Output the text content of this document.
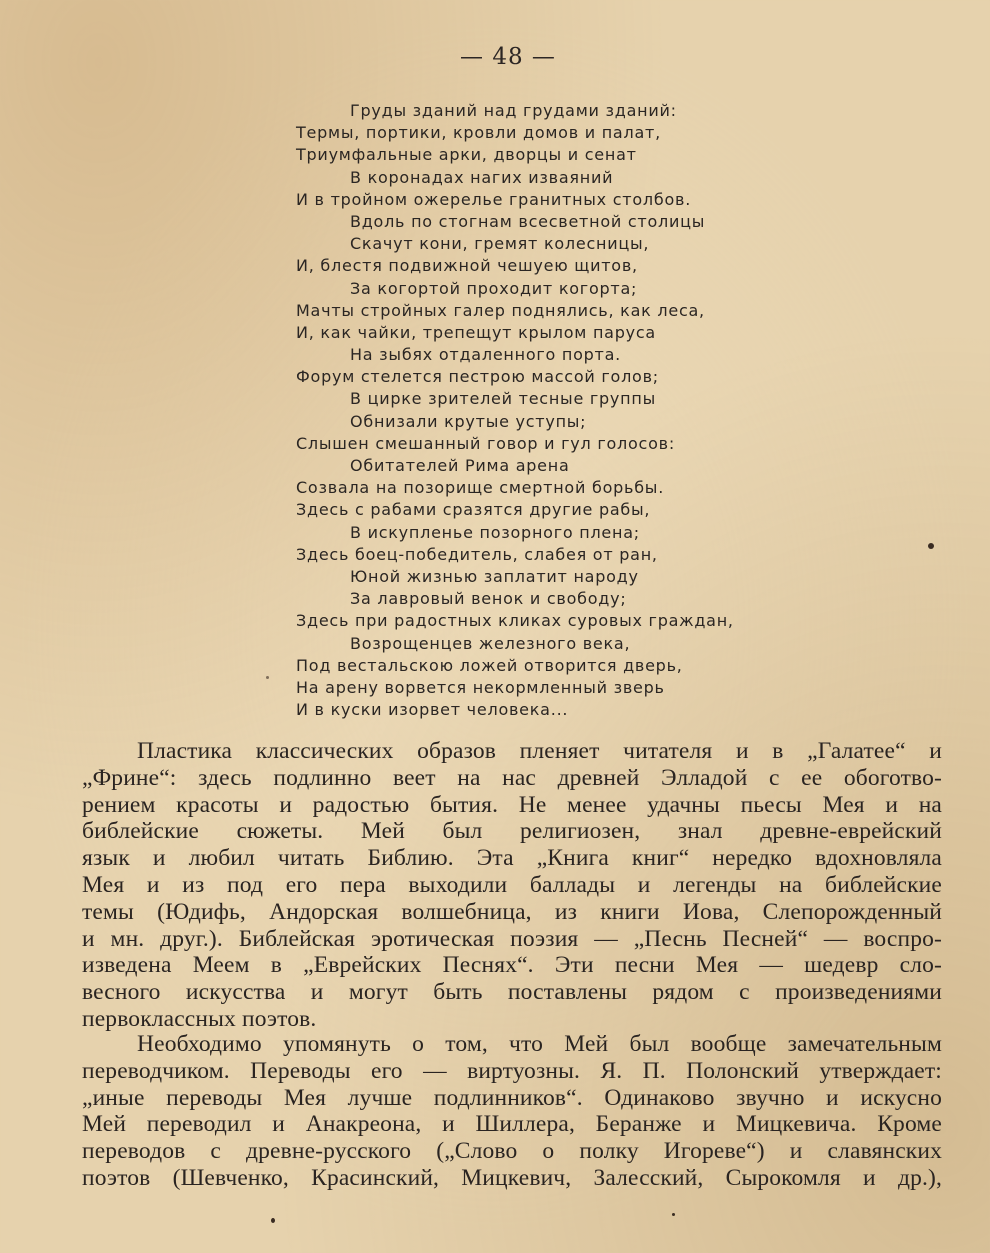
— 48 —
Груды зданий над грудами зданий:
Термы, портики, кровли домов и палат,
Триумфальные арки, дворцы и сенат
В коронадах нагих изваяний
И в тройном ожерелье гранитных столбов.
Вдоль по стогнам всесветной столицы
Скачут кони, гремят колесницы,
И, блестя подвижной чешуею щитов,
За когортой проходит когорта;
Мачты стройных галер поднялись, как леса,
И, как чайки, трепещут крылом паруса
На зыбях отдаленного порта.
Форум стелется пестрою массой голов;
В цирке зрителей тесные группы
Обнизали крутые уступы;
Слышен смешанный говор и гул голосов:
Обитателей Рима арена
Созвала на позорище смертной борьбы.
Здесь с рабами сразятся другие рабы,
В искупленье позорного плена;
Здесь боец-победитель, слабея от ран,
Юной жизнью заплатит народу
За лавровый венок и свободу;
Здесь при радостных кликах суровых граждан,
Возрощенцев железного века,
Под вестальскою ложей отворится дверь,
На арену ворвется некормленный зверь
И в куски изорвет человека...
Пластика классических образов пленяет читателя и в „Галатее“ и
„Фрине“: здесь подлинно веет на нас древней Элладой с ее обоготво-
рением красоты и радостью бытия. Не менее удачны пьесы Мея и на
библейские сюжеты. Мей был религиозен, знал древне-еврейский
язык и любил читать Библию. Эта „Книга книг“ нередко вдохновляла
Мея и из под его пера выходили баллады и легенды на библейские
темы (Юдифь, Андорская волшебница, из книги Иова, Слепорожденный
и мн. друг.). Библейская эротическая поэзия — „Песнь Песней“ — воспро-
изведена Меем в „Еврейских Песнях“. Эти песни Мея — шедевр сло-
весного искусства и могут быть поставлены рядом с произведениями
первоклассных поэтов.
Необходимо упомянуть о том, что Мей был вообще замечательным
переводчиком. Переводы его — виртуозны. Я. П. Полонский утверждает:
„иные переводы Мея лучше подлинников“. Одинаково звучно и искусно
Мей переводил и Анакреона, и Шиллера, Беранже и Мицкевича. Кроме
переводов с древне-русского („Слово о полку Игореве“) и славянских
поэтов (Шевченко, Красинский, Мицкевич, Залесский, Сырокомля и др.),
